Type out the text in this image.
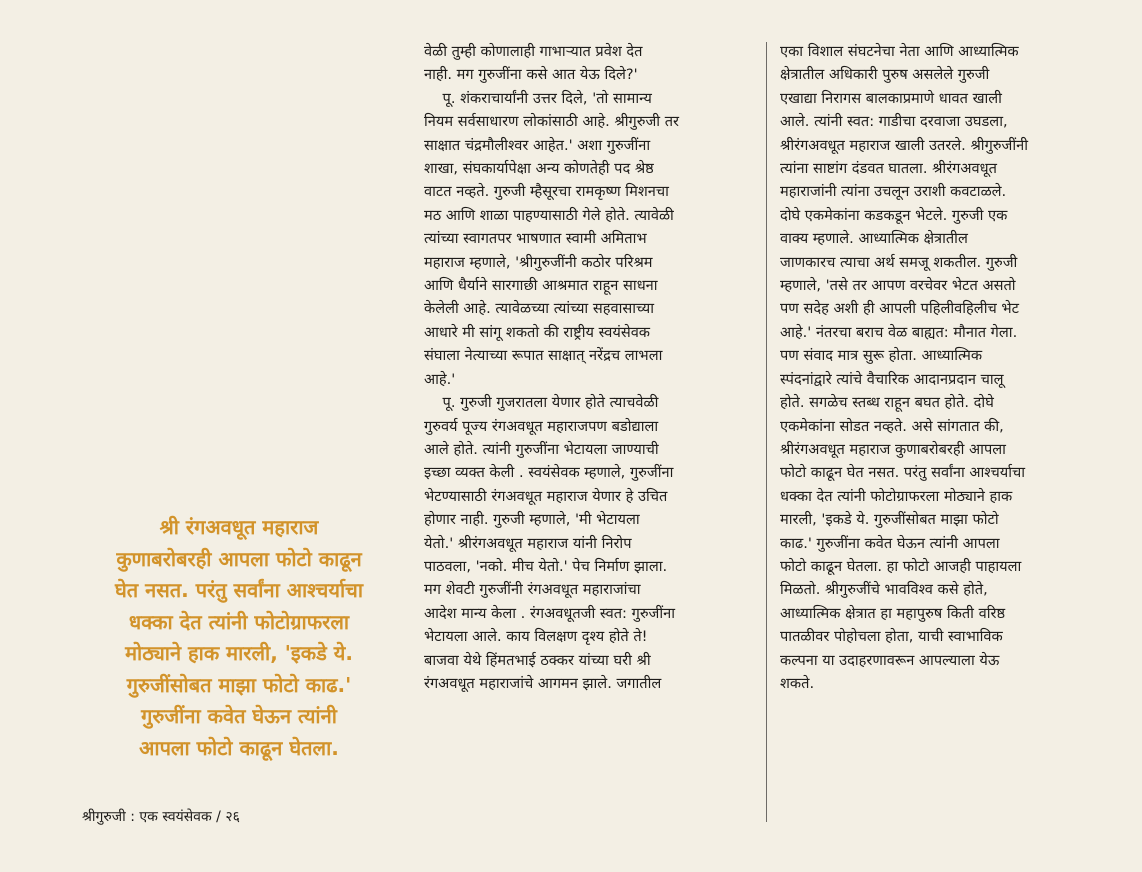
श्री रंगअवधूत महाराज
कुणाबरोबरही आपला फोटो काढून
घेत नसत. परंतु सर्वांना आश्चर्याचा
धक्का देत त्यांनी फोटोग्राफरला
मोठ्याने हाक मारली, 'इकडे ये.
गुरुजींसोबत माझा फोटो काढ.'
गुरुजींना कवेत घेऊन त्यांनी
आपला फोटो काढून घेतला.
वेळी तुम्ही कोणालाही गाभाऱ्यात प्रवेश देत
नाही. मग गुरुजींना कसे आत येऊ दिले?'
पू. शंकराचार्यांनी उत्तर दिले, 'तो सामान्य
नियम सर्वसाधारण लोकांसाठी आहे. श्रीगुरुजी तर
साक्षात चंद्रमौलीश्वर आहेत.' अशा गुरुजींना
शाखा, संघकार्यापेक्षा अन्य कोणतेही पद श्रेष्ठ
वाटत नव्हते. गुरुजी म्हैसूरचा रामकृष्ण मिशनचा
मठ आणि शाळा पाहण्यासाठी गेले होते. त्यावेळी
त्यांच्या स्वागतपर भाषणात स्वामी अमिताभ
महाराज म्हणाले, 'श्रीगुरुजींनी कठोर परिश्रम
आणि धैर्याने सारगाछी आश्रमात राहून साधना
केलेली आहे. त्यावेळच्या त्यांच्या सहवासाच्या
आधारे मी सांगू शकतो की राष्ट्रीय स्वयंसेवक
संघाला नेत्याच्या रूपात साक्षात् नरेंद्रच लाभला
आहे.'
पू. गुरुजी गुजरातला येणार होते त्याचवेळी
गुरुवर्य पूज्य रंगअवधूत महाराजपण बडोद्याला
आले होते. त्यांनी गुरुजींना भेटायला जाण्याची
इच्छा व्यक्त केली . स्वयंसेवक म्हणाले, गुरुजींना
भेटण्यासाठी रंगअवधूत महाराज येणार हे उचित
होणार नाही. गुरुजी म्हणाले, 'मी भेटायला
येतो.' श्रीरंगअवधूत महाराज यांनी निरोप
पाठवला, 'नको. मीच येतो.' पेच निर्माण झाला.
मग शेवटी गुरुजींनी रंगअवधूत महाराजांचा
आदेश मान्य केला . रंगअवधूतजी स्वत: गुरुजींना
भेटायला आले. काय विलक्षण दृश्य होते ते!
बाजवा येथे हिंमतभाई ठक्कर यांच्या घरी श्री
रंगअवधूत महाराजांचे आगमन झाले. जगातील
एका विशाल संघटनेचा नेता आणि आध्यात्मिक
क्षेत्रातील अधिकारी पुरुष असलेले गुरुजी
एखाद्या निरागस बालकाप्रमाणे धावत खाली
आले. त्यांनी स्वत: गाडीचा दरवाजा उघडला,
श्रीरंगअवधूत महाराज खाली उतरले. श्रीगुरुजींनी
त्यांना साष्टांग दंडवत घातला. श्रीरंगअवधूत
महाराजांनी त्यांना उचलून उराशी कवटाळले.
दोघे एकमेकांना कडकडून भेटले. गुरुजी एक
वाक्य म्हणाले. आध्यात्मिक क्षेत्रातील
जाणकारच त्याचा अर्थ समजू शकतील. गुरुजी
म्हणाले, 'तसे तर आपण वरचेवर भेटत असतो
पण सदेह अशी ही आपली पहिलीवहिलीच भेट
आहे.' नंतरचा बराच वेळ बाह्यत: मौनात गेला.
पण संवाद मात्र सुरू होता. आध्यात्मिक
स्पंदनांद्वारे त्यांचे वैचारिक आदानप्रदान चालू
होते. सगळेच स्तब्ध राहून बघत होते. दोघे
एकमेकांना सोडत नव्हते. असे सांगतात की,
श्रीरंगअवधूत महाराज कुणाबरोबरही आपला
फोटो काढून घेत नसत. परंतु सर्वांना आश्चर्याचा
धक्का देत त्यांनी फोटोग्राफरला मोठ्याने हाक
मारली, 'इकडे ये. गुरुजींसोबत माझा फोटो
काढ.' गुरुजींना कवेत घेऊन त्यांनी आपला
फोटो काढून घेतला. हा फोटो आजही पाहायला
मिळतो. श्रीगुरुजींचे भावविश्व कसे होते,
आध्यात्मिक क्षेत्रात हा महापुरुष किती वरिष्ठ
पातळीवर पोहोचला होता, याची स्वाभाविक
कल्पना या उदाहरणावरून आपल्याला येऊ
शकते.
श्रीगुरुजी : एक स्वयंसेवक / २६
